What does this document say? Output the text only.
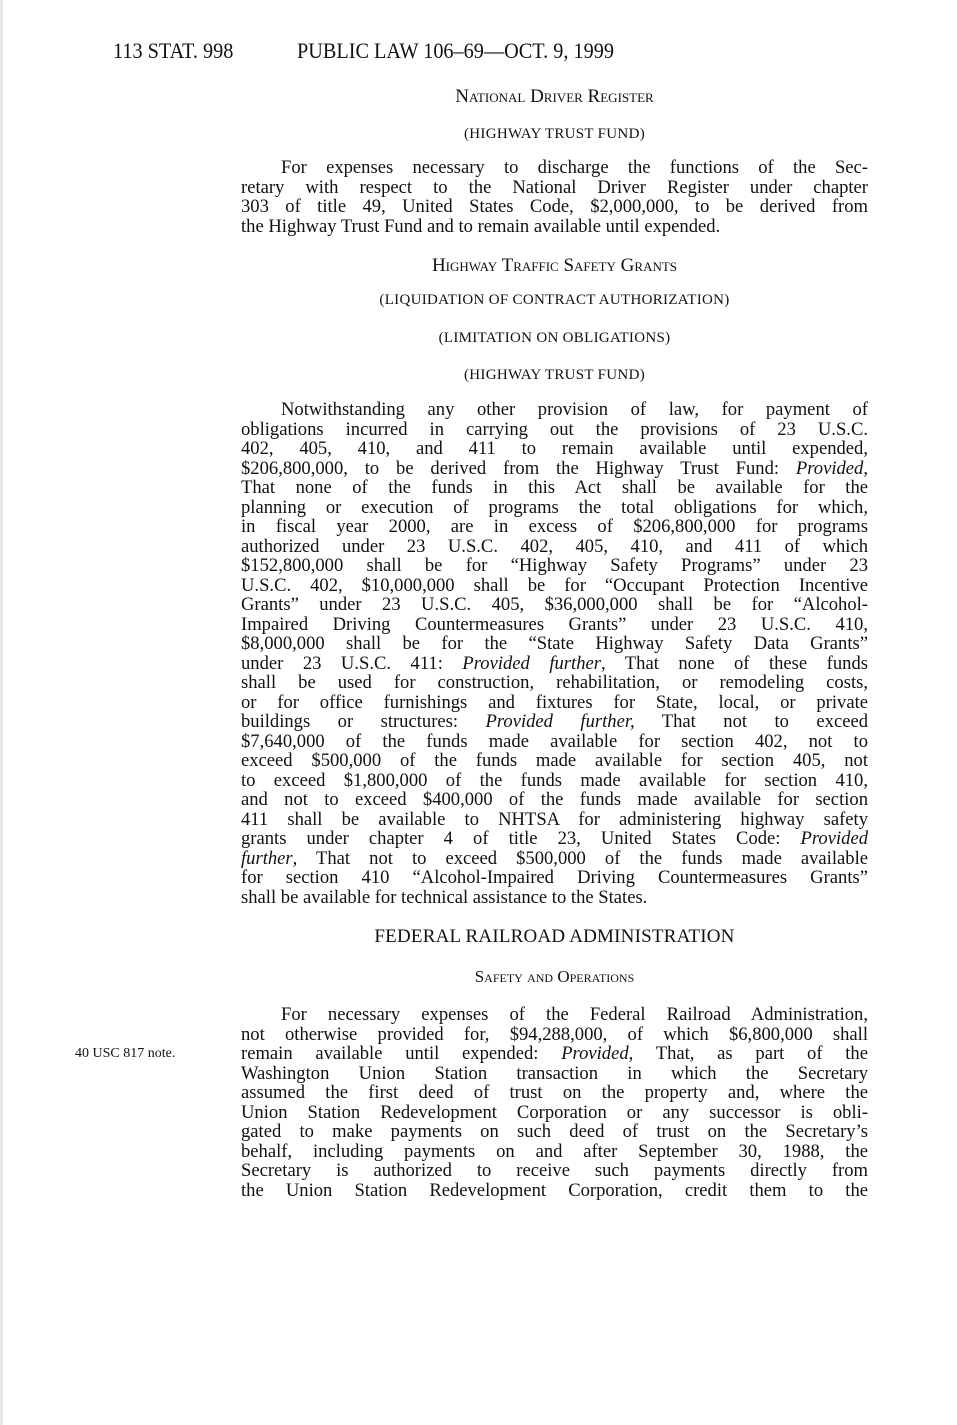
113 STAT. 998	PUBLIC LAW 106–69—OCT. 9, 1999
National Driver Register
(HIGHWAY TRUST FUND)
For expenses necessary to discharge the functions of the Sec-
retary with respect to the National Driver Register under chapter
303 of title 49, United States Code, $2,000,000, to be derived from
the Highway Trust Fund and to remain available until expended.
Highway Traffic Safety Grants
(LIQUIDATION OF CONTRACT AUTHORIZATION)
(LIMITATION ON OBLIGATIONS)
(HIGHWAY TRUST FUND)
Notwithstanding any other provision of law, for payment of
obligations incurred in carrying out the provisions of 23 U.S.C.
402, 405, 410, and 411 to remain available until expended,
$206,800,000, to be derived from the Highway Trust Fund: Provided,
That none of the funds in this Act shall be available for the
planning or execution of programs the total obligations for which,
in fiscal year 2000, are in excess of $206,800,000 for programs
authorized under 23 U.S.C. 402, 405, 410, and 411 of which
$152,800,000 shall be for “Highway Safety Programs” under 23
U.S.C. 402, $10,000,000 shall be for “Occupant Protection Incentive
Grants” under 23 U.S.C. 405, $36,000,000 shall be for “Alcohol-
Impaired Driving Countermeasures Grants” under 23 U.S.C. 410,
$8,000,000 shall be for the “State Highway Safety Data Grants”
under 23 U.S.C. 411: Provided further, That none of these funds
shall be used for construction, rehabilitation, or remodeling costs,
or for office furnishings and fixtures for State, local, or private
buildings or structures: Provided further, That not to exceed
$7,640,000 of the funds made available for section 402, not to
exceed $500,000 of the funds made available for section 405, not
to exceed $1,800,000 of the funds made available for section 410,
and not to exceed $400,000 of the funds made available for section
411 shall be available to NHTSA for administering highway safety
grants under chapter 4 of title 23, United States Code: Provided
further, That not to exceed $500,000 of the funds made available
for section 410 “Alcohol-Impaired Driving Countermeasures Grants”
shall be available for technical assistance to the States.
FEDERAL RAILROAD ADMINISTRATION
Safety and Operations
40 USC 817 note.
For necessary expenses of the Federal Railroad Administration,
not otherwise provided for, $94,288,000, of which $6,800,000 shall
remain available until expended: Provided, That, as part of the
Washington Union Station transaction in which the Secretary
assumed the first deed of trust on the property and, where the
Union Station Redevelopment Corporation or any successor is obli-
gated to make payments on such deed of trust on the Secretary’s
behalf, including payments on and after September 30, 1988, the
Secretary is authorized to receive such payments directly from
the Union Station Redevelopment Corporation, credit them to the
